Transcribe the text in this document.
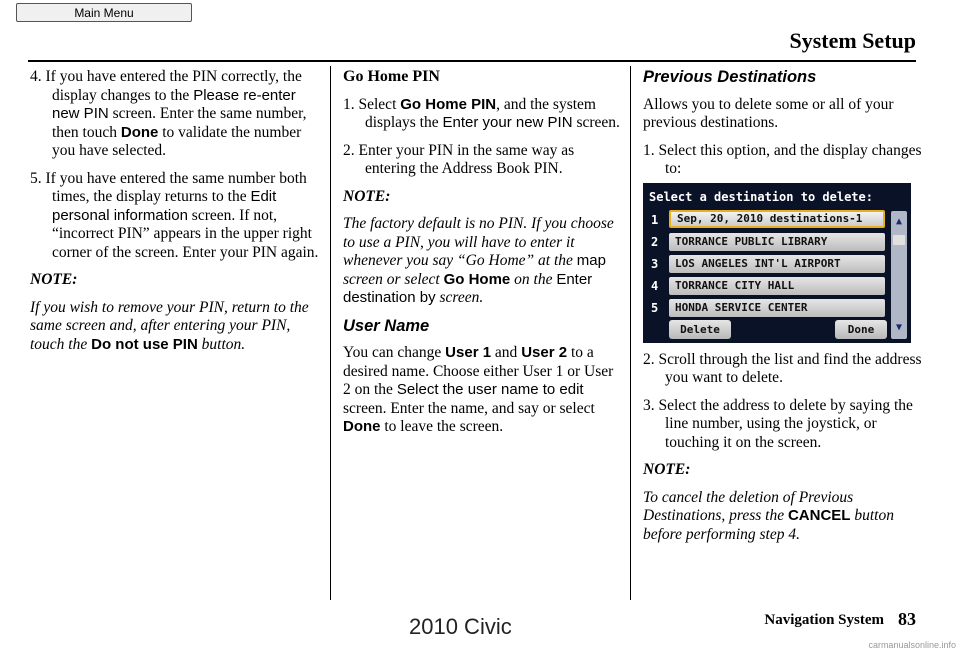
Main Menu
System Setup

4. If you have entered the PIN correctly, the display changes to the Please re-enter new PIN screen. Enter the same number, then touch Done to validate the number you have selected.

5. If you have entered the same number both times, the display returns to the Edit personal information screen. If not, “incorrect PIN” appears in the upper right corner of the screen. Enter your PIN again.

NOTE:

If you wish to remove your PIN, return to the same screen and, after entering your PIN, touch the Do not use PIN button.

Go Home PIN

1. Select Go Home PIN, and the system displays the Enter your new PIN screen.

2. Enter your PIN in the same way as entering the Address Book PIN.

NOTE:

The factory default is no PIN. If you choose to use a PIN, you will have to enter it whenever you say “Go Home” at the map screen or select Go Home on the Enter destination by screen.

User Name

You can change User 1 and User 2 to a desired name. Choose either User 1 or User 2 on the Select the user name to edit screen. Enter the name, and say or select Done to leave the screen.

Previous Destinations

Allows you to delete some or all of your previous destinations.

1. Select this option, and the display changes to:

Select a destination to delete:
1	Sep, 20, 2010 destinations-1
2	TORRANCE PUBLIC LIBRARY
3	LOS ANGELES INT'L AIRPORT
4	TORRANCE CITY HALL
5	HONDA SERVICE CENTER
Delete	Done
▲
▼

2. Scroll through the list and find the address you want to delete.

3. Select the address to delete by saying the line number, using the joystick, or touching it on the screen.

NOTE:

To cancel the deletion of Previous Destinations, press the CANCEL button before performing step 4.

Navigation System 83
2010 Civic
carmanualsonline.info
